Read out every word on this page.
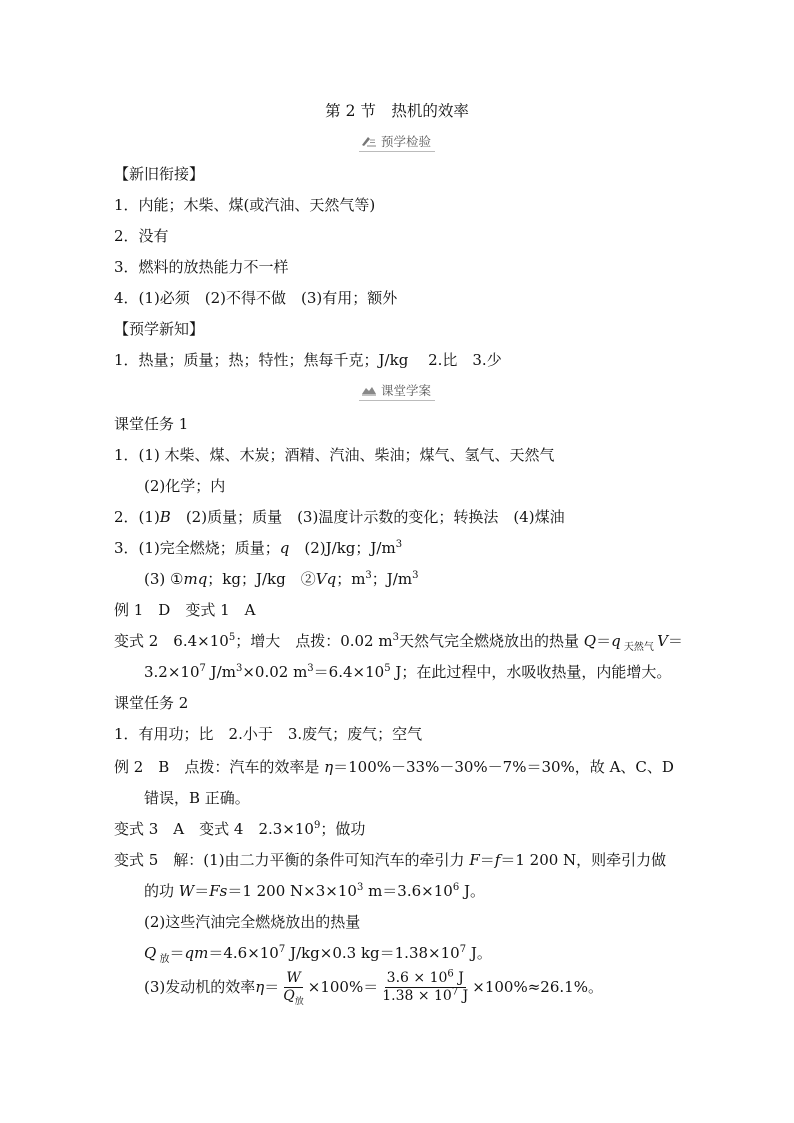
第 2 节　热机的效率
预学检验
【新旧衔接】
1．内能；木柴、煤(或汽油、天然气等)
2．没有
3．燃料的放热能力不一样
4．(1)必须　(2)不得不做　(3)有用；额外
【预学新知】
1．热量；质量；热；特性；焦每千克；J/kg　 2.比　3.少
课堂学案
课堂任务 1
1．(1) 木柴、煤、木炭；酒精、汽油、柴油；煤气、氢气、天然气
(2)化学；内
2．(1)B　(2)质量；质量　(3)温度计示数的变化；转换法　(4)煤油
3．(1)完全燃烧；质量；q　(2)J/kg；$J/m^3$
(3) ①mq；kg；J/kg　②Vq；$m^3$；$J/m^3$
例 1　D　变式 1　A
变式 2　$6.4\times 10^5$；增大　点拨：0.02 $m^3$天然气完全燃烧放出的热量 Q＝q $_{天然气}$ V＝
$3.2\times 10^7$ $J/m^3\times 0.02$ $m^3=6.4\times 10^5$ J；在此过程中，水吸收热量，内能增大。
课堂任务 2
1．有用功；比　2.小于　3.废气；废气；空气
例 2　B　点拨：汽车的效率是 η＝100%－33%－30%－7%＝30%，故 A、C、D
错误，B 正确。
变式 3　A　变式 4　$2.3\times 10^9$；做功
变式 5　解：(1)由二力平衡的条件可知汽车的牵引力 F＝f＝1 200 N，则牵引力做
的功 W＝Fs＝1 200 $N\times 3\times 10^3$ $m=3.6\times 10^6$ J。
(2)这些汽油完全燃烧放出的热量
Q $_放=qm=4.6\times 10^7$ J/kg×0.3 $kg=1.38\times 10^7$ J。
(3)发动机的效率 $\eta = \frac{W}{Q_放} \times 100\%= \frac{3.6 \times 10^6 J}{1.38 \times 10^7 J} \times 100\%\approx 26.1\%$。
